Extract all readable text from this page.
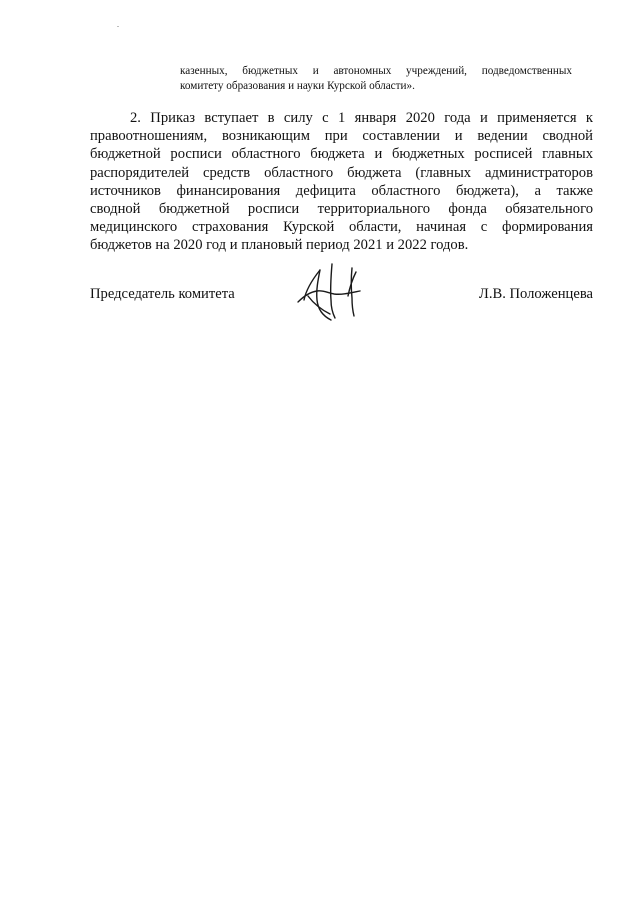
казенных, бюджетных и автономных учреждений, подведомственных
комитету образования и науки Курской области».
2. Приказ вступает в силу с 1 января 2020 года и применяется к
правоотношениям, возникающим при составлении и ведении сводной
бюджетной росписи областного бюджета и бюджетных росписей главных
распорядителей средств областного бюджета (главных администраторов
источников финансирования дефицита областного бюджета), а также
сводной бюджетной росписи территориального фонда обязательного
медицинского страхования Курской области, начиная с формирования
бюджетов на 2020 год и плановый период 2021 и 2022 годов.
Председатель комитета	Л.В. Положенцева
